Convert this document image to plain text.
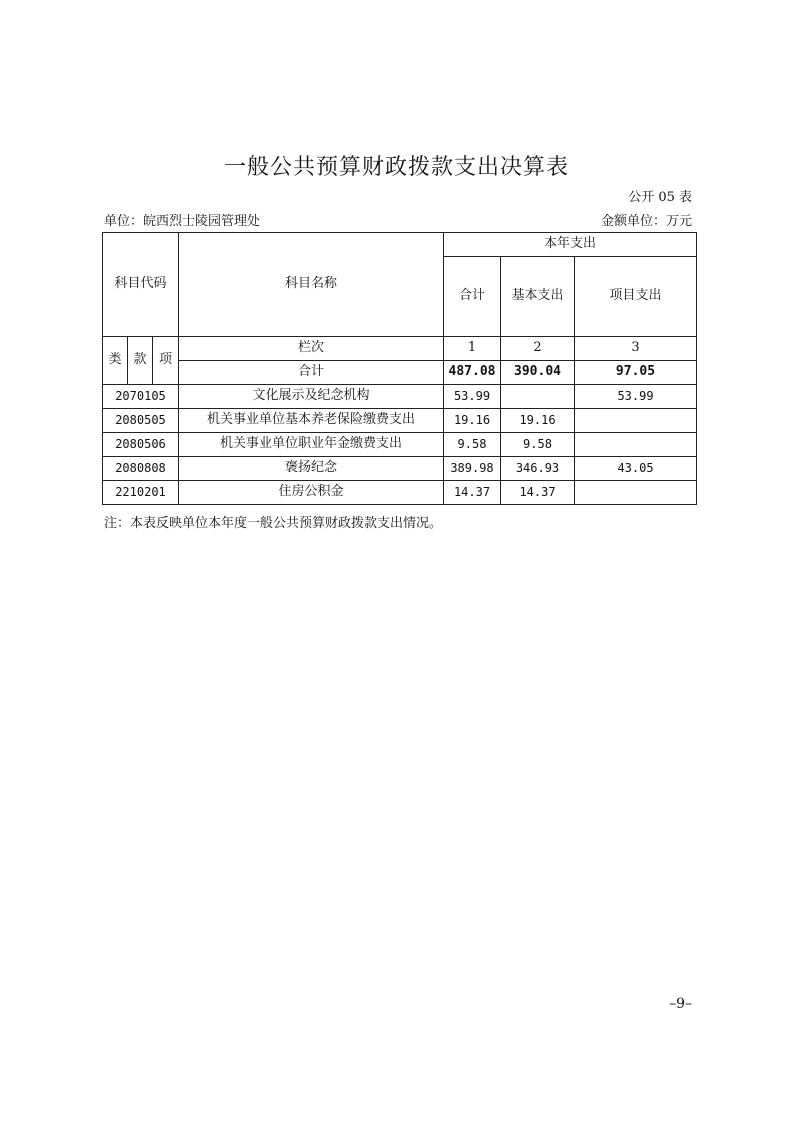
一般公共预算财政拨款支出决算表
公开 05 表
单位：皖西烈士陵园管理处	金额单位：万元
科目代码			科目名称	本年支出		
				合计	基本支出	项目支出

类	款	项	栏次	1	2	3
			合计	487.08	390.04	97.05
2070105			文化展示及纪念机构	53.99		53.99
2080505			机关事业单位基本养老保险缴费支出	19.16	19.16	
2080506			机关事业单位职业年金缴费支出	9.58	9.58	
2080808			褒扬纪念	389.98	346.93	43.05
2210201			住房公积金	14.37	14.37	
注：本表反映单位本年度一般公共预算财政拨款支出情况。
–9–
